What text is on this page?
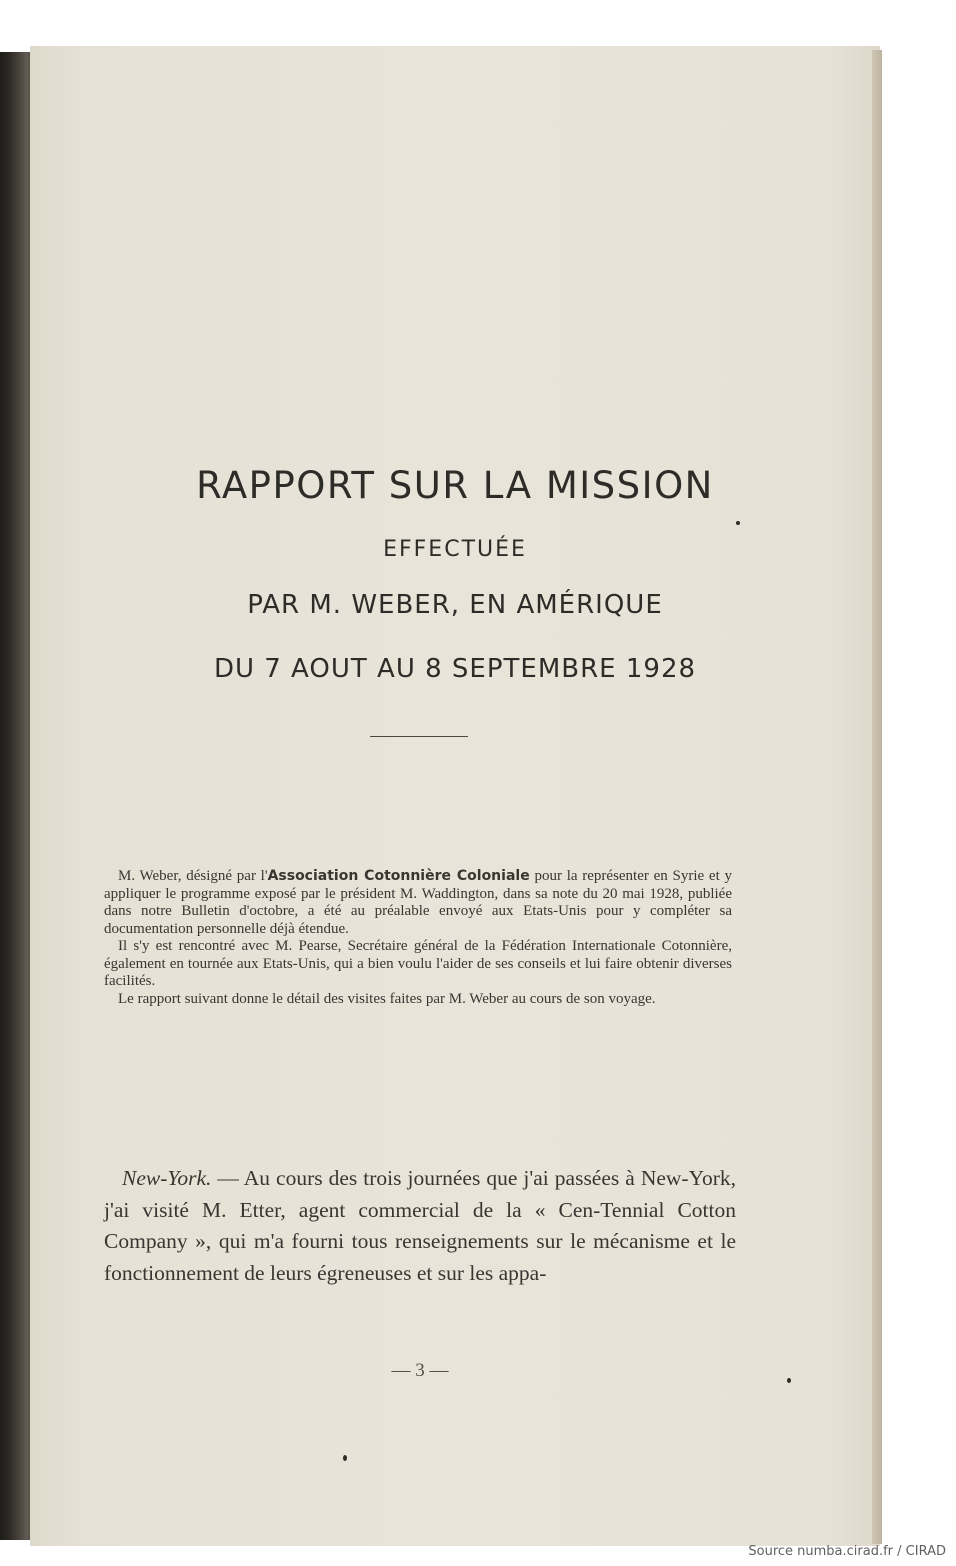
RAPPORT SUR LA MISSION
EFFECTUÉE
PAR M. WEBER, EN AMÉRIQUE
DU 7 AOUT AU 8 SEPTEMBRE 1928

M. Weber, désigné par l'Association Cotonnière Coloniale pour la représenter en Syrie et y appliquer le programme exposé par le président M. Waddington, dans sa note du 20 mai 1928, publiée dans notre Bulletin d'octobre, a été au préalable envoyé aux Etats-Unis pour y compléter sa documentation personnelle déjà étendue.

Il s'y est rencontré avec M. Pearse, Secrétaire général de la Fédération Internationale Cotonnière, également en tournée aux Etats-Unis, qui a bien voulu l'aider de ses conseils et lui faire obtenir diverses facilités.

Le rapport suivant donne le détail des visites faites par M. Weber au cours de son voyage.

New-York. — Au cours des trois journées que j'ai passées à New-York, j'ai visité M. Etter, agent commercial de la « Cen-Tennial Cotton Company », qui m'a fourni tous renseignements sur le mécanisme et le fonctionnement de leurs égreneuses et sur les appa-

— 3 —
Source numba.cirad.fr / CIRAD
